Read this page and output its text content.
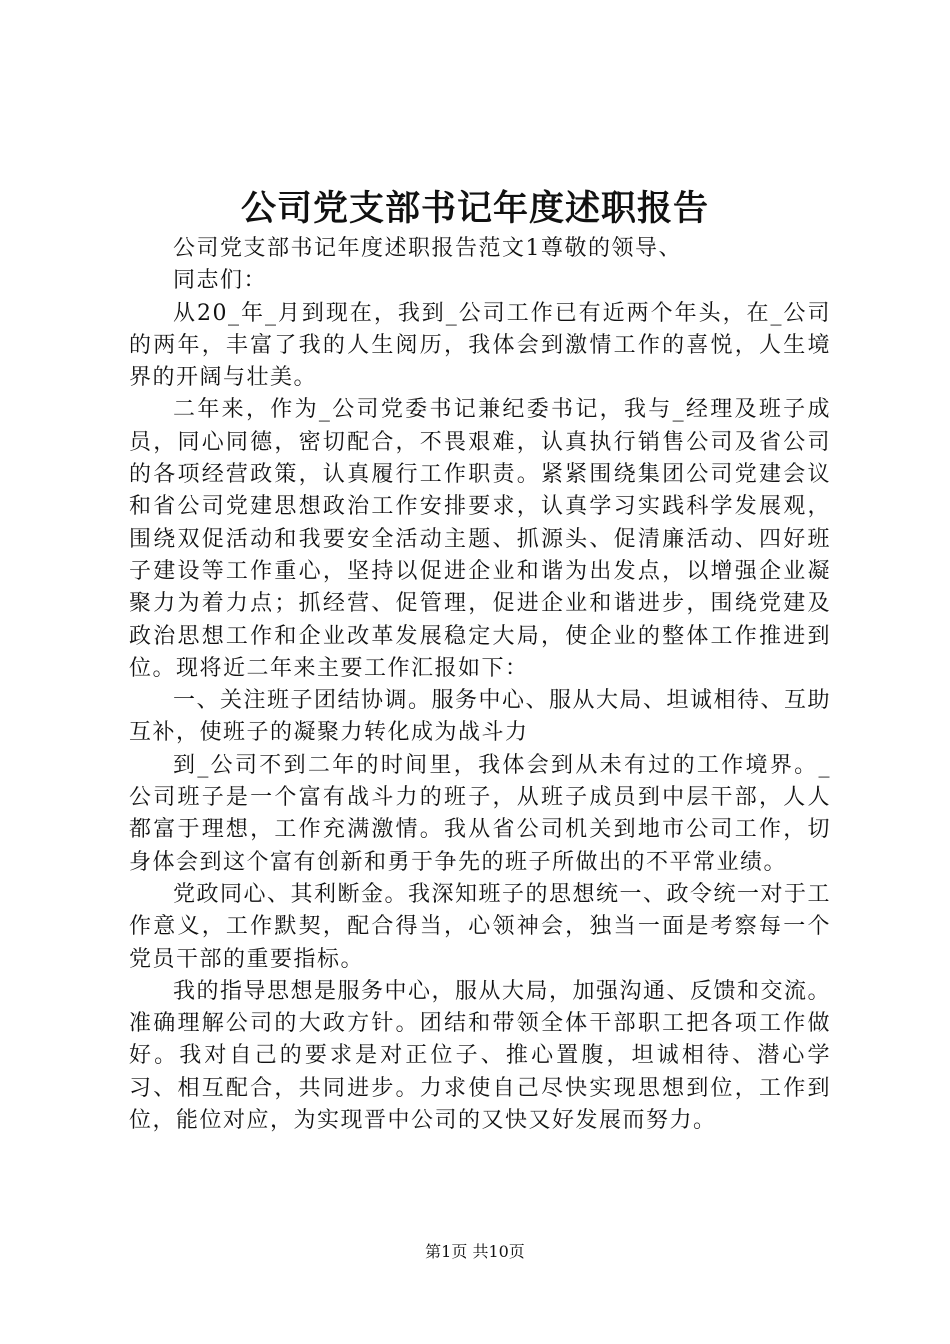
公司党支部书记年度述职报告

公司党支部书记年度述职报告范文1尊敬的领导、

同志们：

从20_年_月到现在，我到_公司工作已有近两个年头，在_公司的两年，丰富了我的人生阅历，我体会到激情工作的喜悦，人生境界的开阔与壮美。

二年来，作为_公司党委书记兼纪委书记，我与_经理及班子成员，同心同德，密切配合，不畏艰难，认真执行销售公司及省公司的各项经营政策，认真履行工作职责。紧紧围绕集团公司党建会议和省公司党建思想政治工作安排要求，认真学习实践科学发展观，围绕双促活动和我要安全活动主题、抓源头、促清廉活动、四好班子建设等工作重心，坚持以促进企业和谐为出发点，以增强企业凝聚力为着力点；抓经营、促管理，促进企业和谐进步，围绕党建及政治思想工作和企业改革发展稳定大局，使企业的整体工作推进到位。现将近二年来主要工作汇报如下：

一、关注班子团结协调。服务中心、服从大局、坦诚相待、互助互补，使班子的凝聚力转化成为战斗力

到_公司不到二年的时间里，我体会到从未有过的工作境界。_公司班子是一个富有战斗力的班子，从班子成员到中层干部，人人都富于理想，工作充满激情。我从省公司机关到地市公司工作，切身体会到这个富有创新和勇于争先的班子所做出的不平常业绩。

党政同心、其利断金。我深知班子的思想统一、政令统一对于工作意义，工作默契，配合得当，心领神会，独当一面是考察每一个党员干部的重要指标。

我的指导思想是服务中心，服从大局，加强沟通、反馈和交流。准确理解公司的大政方针。团结和带领全体干部职工把各项工作做好。我对自己的要求是对正位子、推心置腹，坦诚相待、潜心学习、相互配合，共同进步。力求使自己尽快实现思想到位，工作到位，能位对应，为实现晋中公司的又快又好发展而努力。

第1页 共10页
